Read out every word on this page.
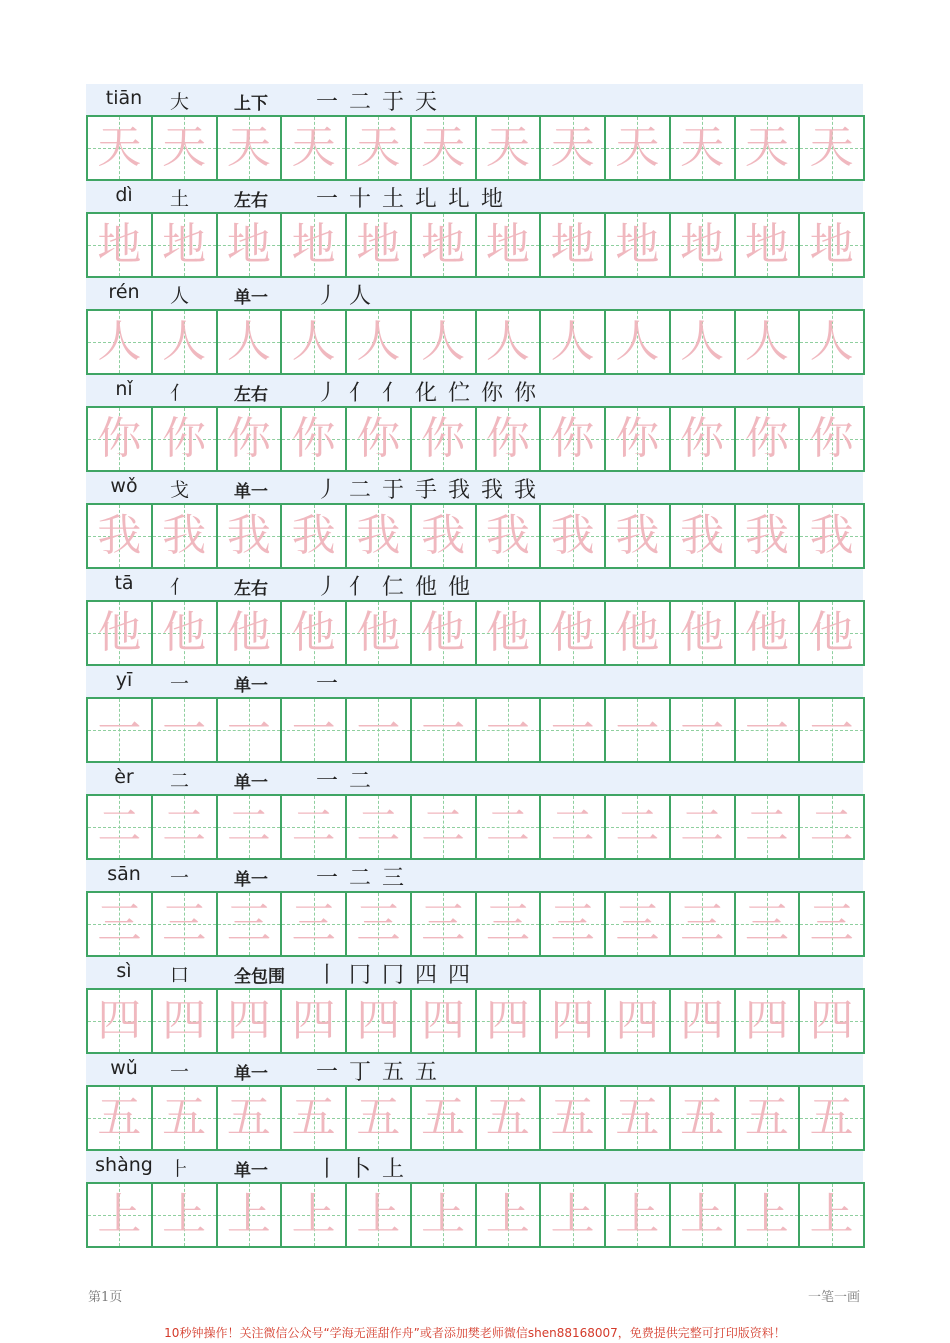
tiān	大	上下 一 二 于 天
天 天 天 天 天 天 天 天 天 天 天 天
dì	土	左右 一 十 土 圠 圠 地
地 地 地 地 地 地 地 地 地 地 地 地
rén	人	单一 丿 人
人 人 人 人 人 人 人 人 人 人 人 人
nǐ	亻	左右 丿 亻 亻 化 伫 你 你
你 你 你 你 你 你 你 你 你 你 你 你
wǒ	戈	单一 丿 二 于 手 我 我 我
我 我 我 我 我 我 我 我 我 我 我 我
tā	亻	左右 丿 亻 仁 他 他
他 他 他 他 他 他 他 他 他 他 他 他
yī	一	单一 一
一 一 一 一 一 一 一 一 一 一 一 一
èr	二	单一 一 二
二 二 二 二 二 二 二 二 二 二 二 二
sān	一	单一 一 二 三
三 三 三 三 三 三 三 三 三 三 三 三
sì	口	全包围 丨 冂 冂 四 四
四 四 四 四 四 四 四 四 四 四 四 四
wǔ	一	单一 一 丁 五 五
五 五 五 五 五 五 五 五 五 五 五 五
shàng ⺊	单一 丨 卜 上
上 上 上 上 上 上 上 上 上 上 上 上
第1页	一笔一画
10秒钟操作！关注微信公众号“学海无涯甜作舟”或者添加樊老师微信shen88168007，免费提供完整可打印版资料！
